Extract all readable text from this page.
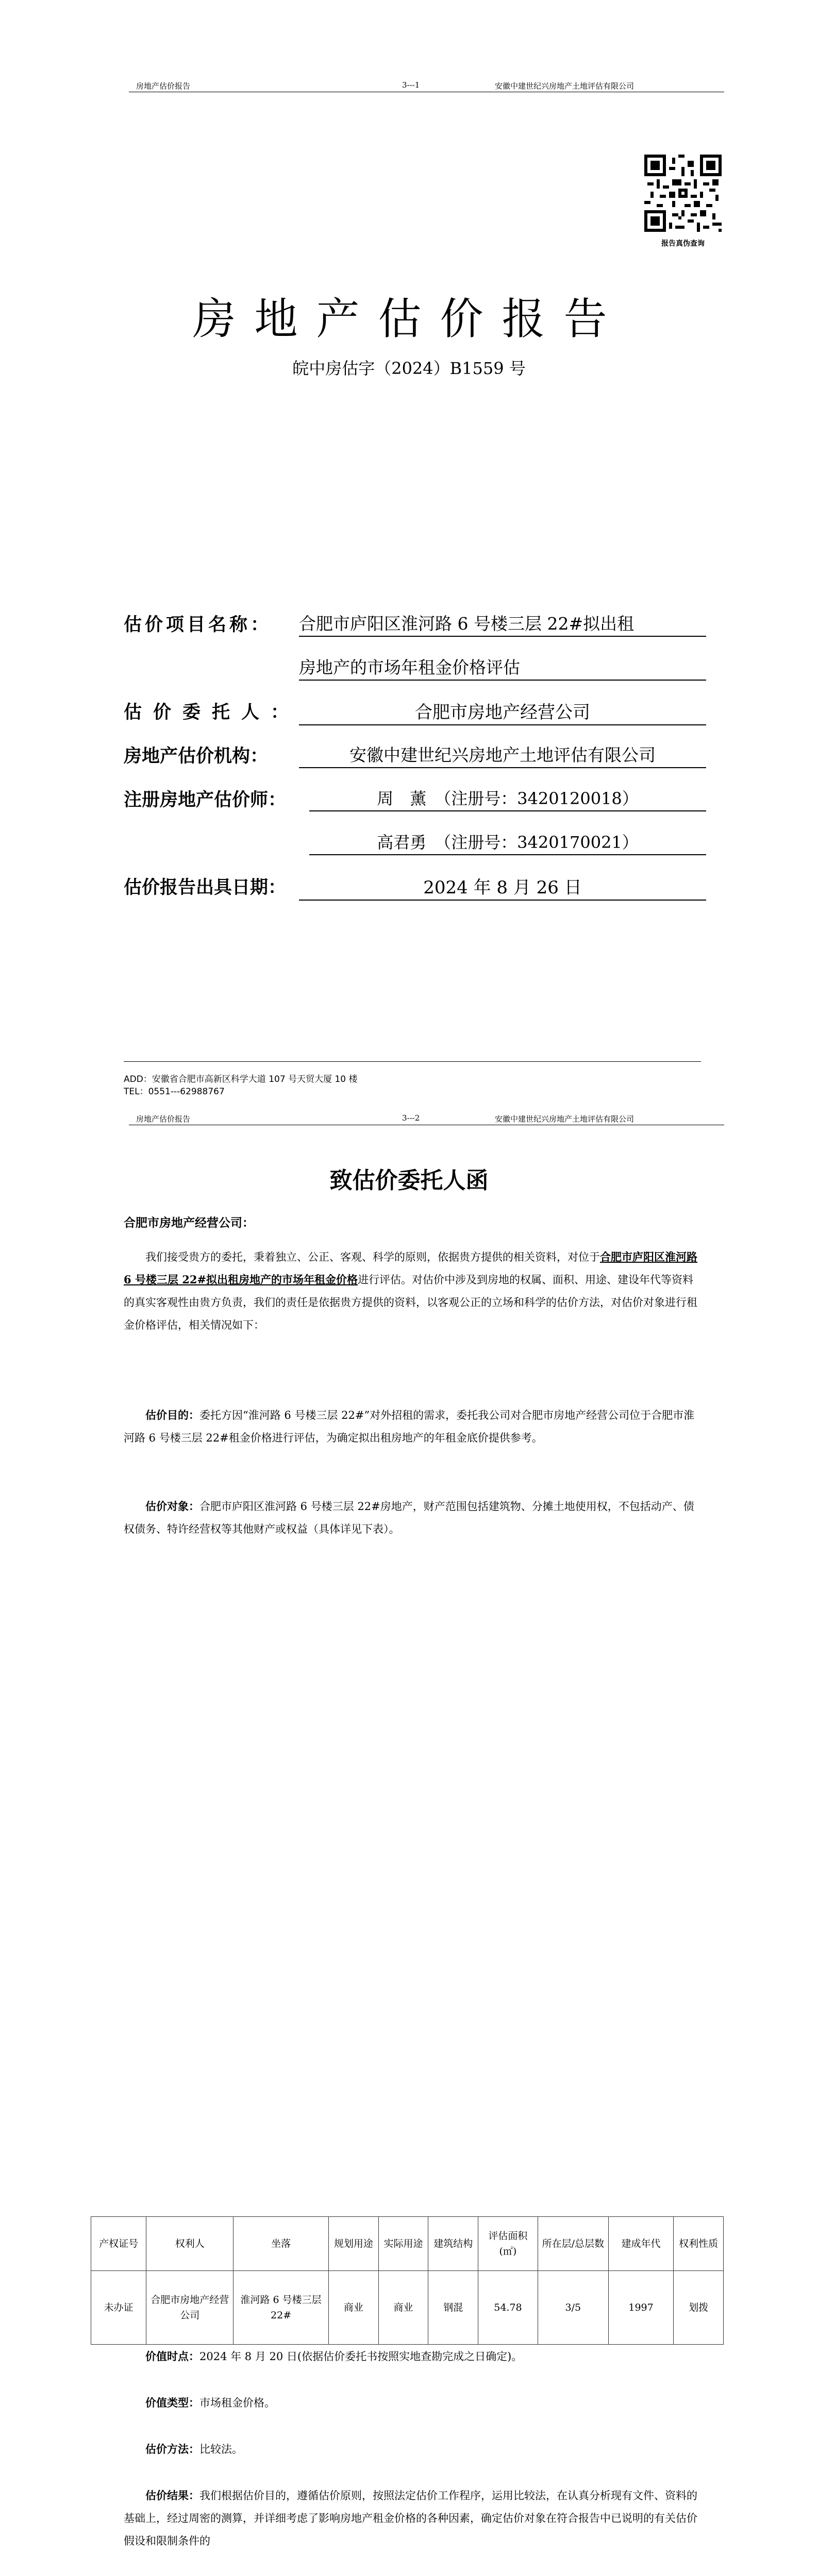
房地产估价报告	3---1	安徽中建世纪兴房地产土地评估有限公司
报告真伪查询
房地产估价报告
皖中房估字（2024）B1559 号
估价项目名称： 合肥市庐阳区淮河路 6 号楼三层 22#拟出租
房地产的市场年租金价格评估
估价委托人：	合肥市房地产经营公司
房地产估价机构：	安徽中建世纪兴房地产土地评估有限公司
注册房地产估价师：	周　薰　（注册号：3420120018）
高君勇　（注册号：3420170021）
估价报告出具日期：	2024 年 8 月 26 日
ADD：安徽省合肥市高新区科学大道 107 号天贸大厦 10 楼
TEL：0551---62988767
房地产估价报告	3---2	安徽中建世纪兴房地产土地评估有限公司
致估价委托人函
合肥市房地产经营公司：
我们接受贵方的委托，秉着独立、公正、客观、科学的原则，依据贵方提供的相关资料，对位于合肥市庐阳区淮河路 6 号楼三层 22#拟出租房地产的市场年租金价格进行评估。对估价中涉及到房地的权属、面积、用途、建设年代等资料的真实客观性由贵方负责，我们的责任是依据贵方提供的资料，以客观公正的立场和科学的估价方法，对估价对象进行租金价格评估，相关情况如下：
估价目的：委托方因“淮河路 6 号楼三层 22#”对外招租的需求，委托我公司对合肥市房地产经营公司位于合肥市淮河路 6 号楼三层 22#租金价格进行评估，为确定拟出租房地产的年租金底价提供参考。
估价对象：合肥市庐阳区淮河路 6 号楼三层 22#房地产，财产范围包括建筑物、分摊土地使用权，不包括动产、债权债务、特许经营权等其他财产或权益（具体详见下表）。
产权证号	权利人	坐落	规划用途	实际用途	建筑结构	评估面积(㎡)	所在层/总层数	建成年代	权利性质
未办证	合肥市房地产经营公司	淮河路 6 号楼三层 22#	商业	商业	钢混	54.78	3/5	1997	划拨
价值时点：2024 年 8 月 20 日(依据估价委托书按照实地查勘完成之日确定)。
价值类型：市场租金价格。
估价方法：比较法。
估价结果：我们根据估价目的，遵循估价原则，按照法定估价工作程序，运用比较法，在认真分析现有文件、资料的基础上，经过周密的测算，并详细考虑了影响房地产租金价格的各种因素，确定估价对象在符合报告中已说明的有关估价假设和限制条件的
